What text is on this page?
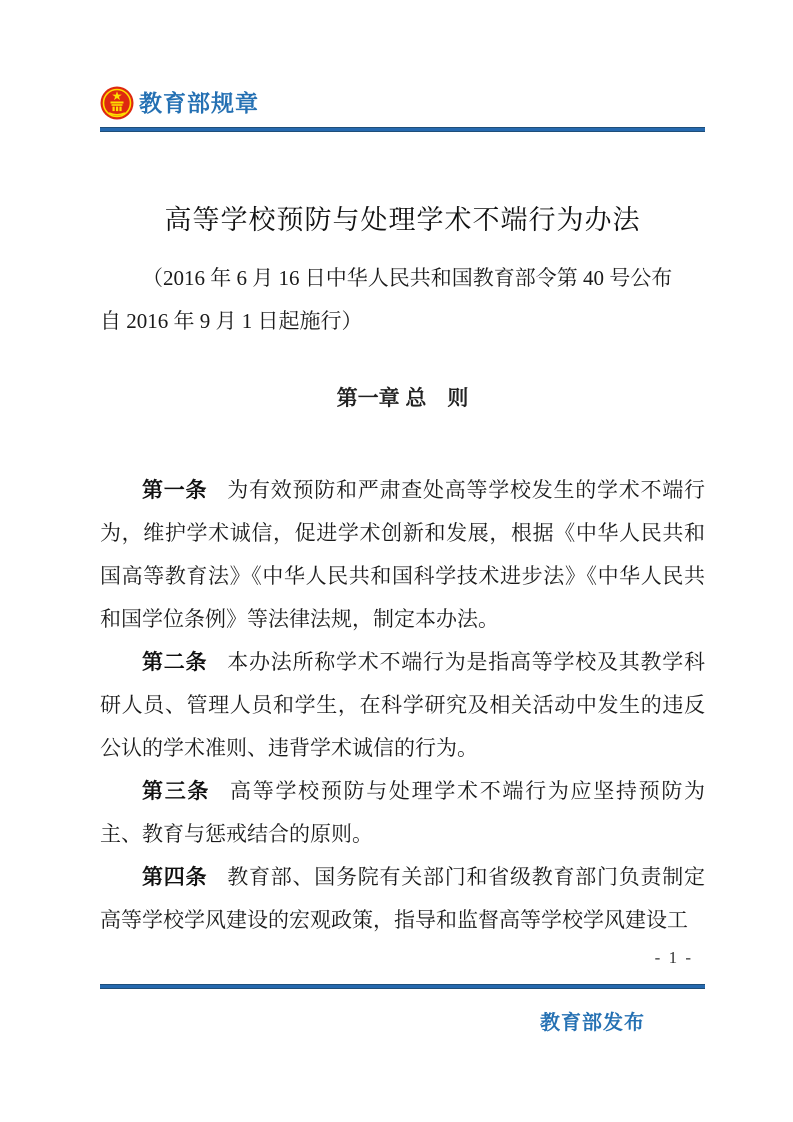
教育部规章
高等学校预防与处理学术不端行为办法
（2016 年 6 月 16 日中华人民共和国教育部令第 40 号公布
自 2016 年 9 月 1 日起施行）
第一章 总　则

第一条 为有效预防和严肃查处高等学校发生的学术不端行为，维护学术诚信，促进学术创新和发展，根据《中华人民共和国高等教育法》《中华人民共和国科学技术进步法》《中华人民共和国学位条例》等法律法规，制定本办法。

第二条 本办法所称学术不端行为是指高等学校及其教学科研人员、管理人员和学生，在科学研究及相关活动中发生的违反公认的学术准则、违背学术诚信的行为。

第三条 高等学校预防与处理学术不端行为应坚持预防为主、教育与惩戒结合的原则。

第四条 教育部、国务院有关部门和省级教育部门负责制定高等学校学风建设的宏观政策，指导和监督高等学校学风建设工

- 1 -
教育部发布
